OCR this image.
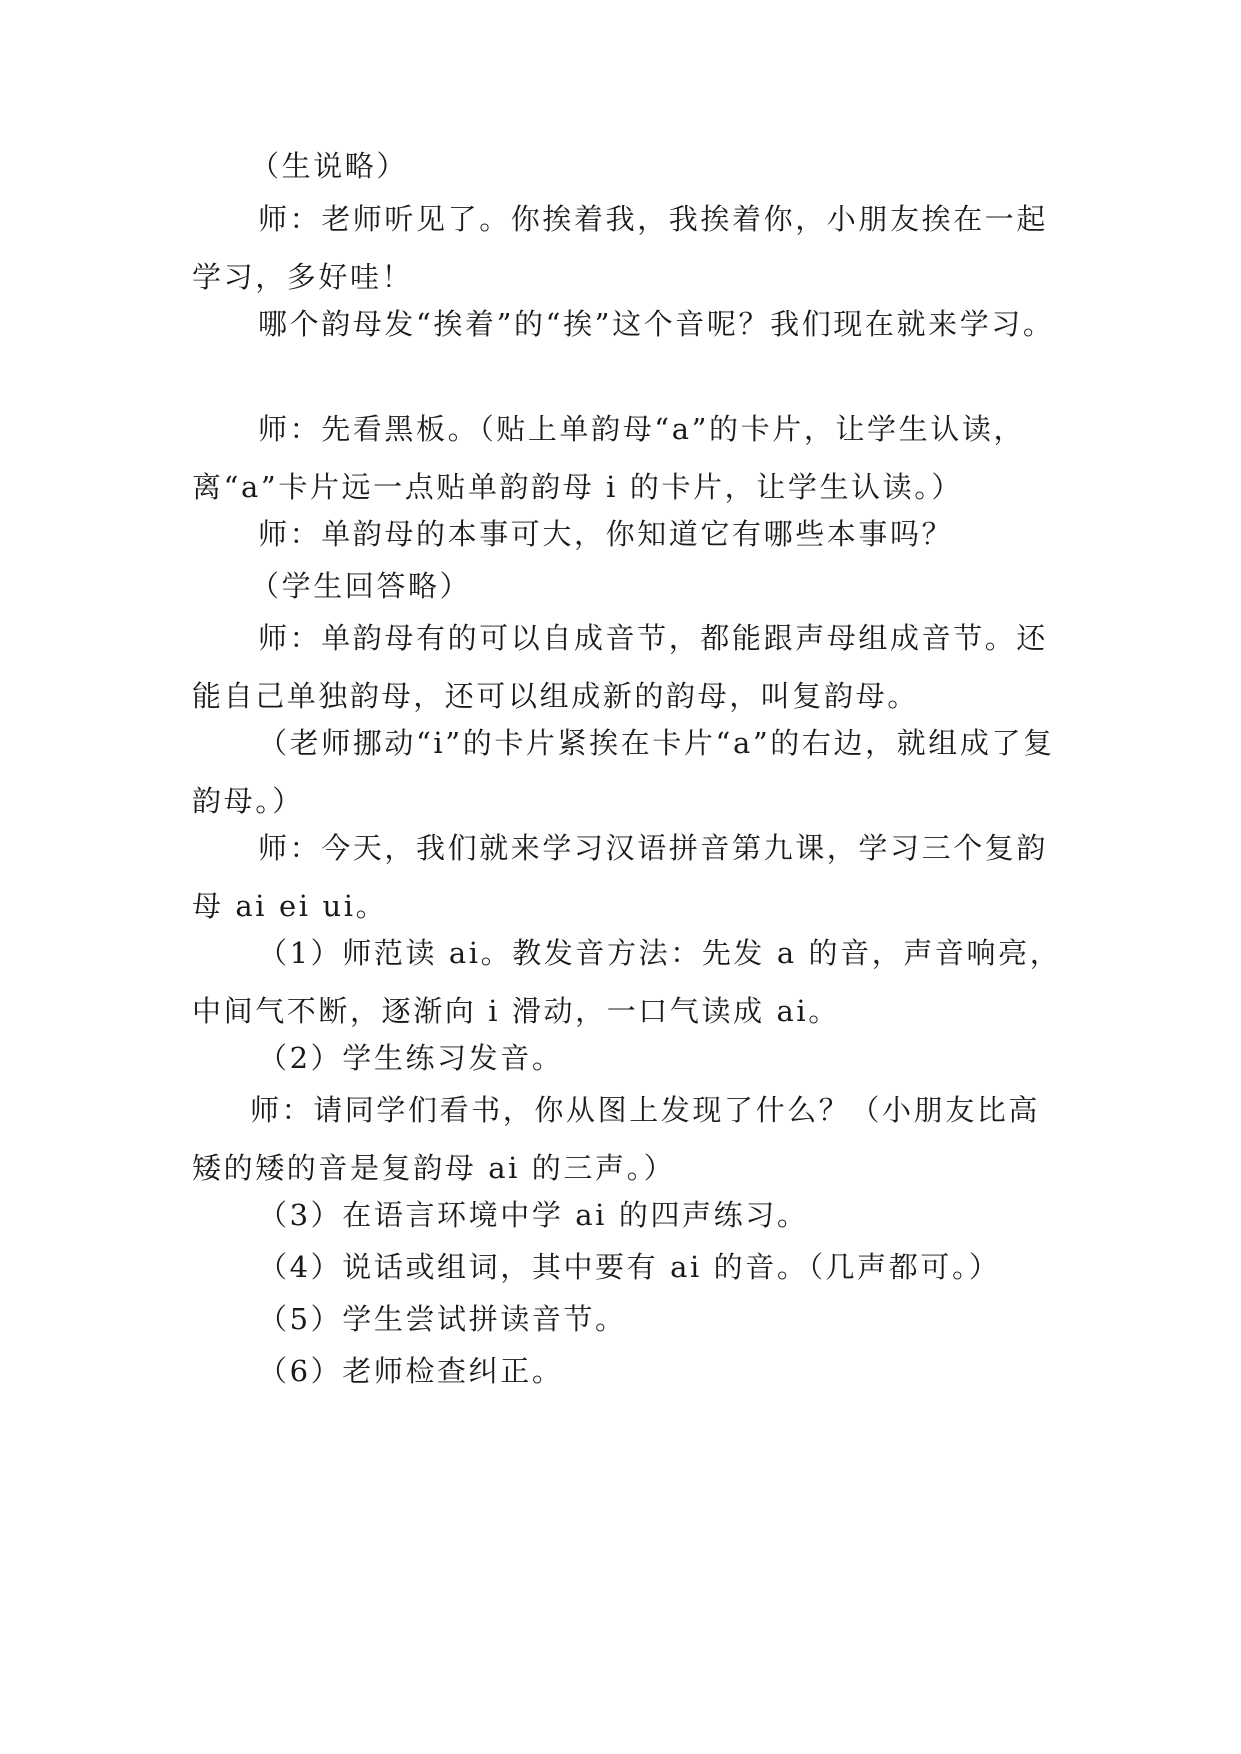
（生说略）

师：老师听见了。你挨着我，我挨着你，小朋友挨在一起学习，多好哇！

哪个韵母发“挨着”的“挨”这个音呢？我们现在就来学习。

师：先看黑板。（贴上单韵母“a”的卡片，让学生认读，离“a”卡片远一点贴单韵韵母 i 的卡片，让学生认读。）

师：单韵母的本事可大，你知道它有哪些本事吗？

（学生回答略）

师：单韵母有的可以自成音节，都能跟声母组成音节。还能自己单独韵母，还可以组成新的韵母，叫复韵母。

（老师挪动“i”的卡片紧挨在卡片“a”的右边，就组成了复韵母。）

师：今天，我们就来学习汉语拼音第九课，学习三个复韵母 ai ei ui。

（1）师范读 ai。教发音方法：先发 a 的音，声音响亮，中间气不断，逐渐向 i 滑动，一口气读成 ai。

（2）学生练习发音。

师：请同学们看书，你从图上发现了什么？（小朋友比高矮的矮的音是复韵母 ai 的三声。）

（3）在语言环境中学 ai 的四声练习。

（4）说话或组词，其中要有 ai 的音。（几声都可。）

（5）学生尝试拼读音节。

（6）老师检查纠正。
